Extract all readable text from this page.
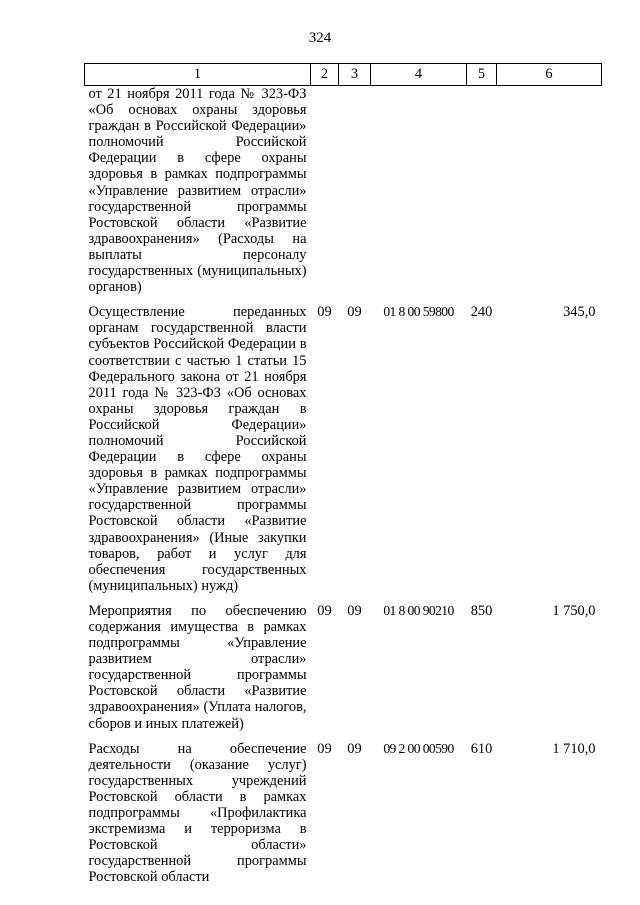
324
1	2	3	4	5	6
от 21 ноября 2011 года № 323-ФЗ «Об основах охраны здоровья граждан в Российской Федерации» полномочий Российской Федерации в сфере охраны здоровья в рамках подпрограммы «Управление развитием отрасли» государственной программы Ростовской области «Развитие здравоохранения» (Расходы на выплаты персоналу государственных (муниципальных) органов)					
Осуществление переданных органам государственной власти субъектов Российской Федерации в соответствии с частью 1 статьи 15 Федерального закона от 21 ноября 2011 года № 323-ФЗ «Об основах охраны здоровья граждан в Российской Федерации» полномочий Российской Федерации в сфере охраны здоровья в рамках подпрограммы «Управление развитием отрасли» государственной программы Ростовской области «Развитие здравоохранения» (Иные закупки товаров, работ и услуг для обеспечения государственных (муниципальных) нужд)	09	09	01 8 00 59800	240	345,0
Мероприятия по обеспечению содержания имущества в рамках подпрограммы «Управление развитием отрасли» государственной программы Ростовской области «Развитие здравоохранения» (Уплата налогов, сборов и иных платежей)	09	09	01 8 00 90210	850	1 750,0
Расходы на обеспечение деятельности (оказание услуг) государственных учреждений Ростовской области в рамках подпрограммы «Профилактика экстремизма и терроризма в Ростовской области» государственной программы Ростовской области	09	09	09 2 00 00590	610	1 710,0
